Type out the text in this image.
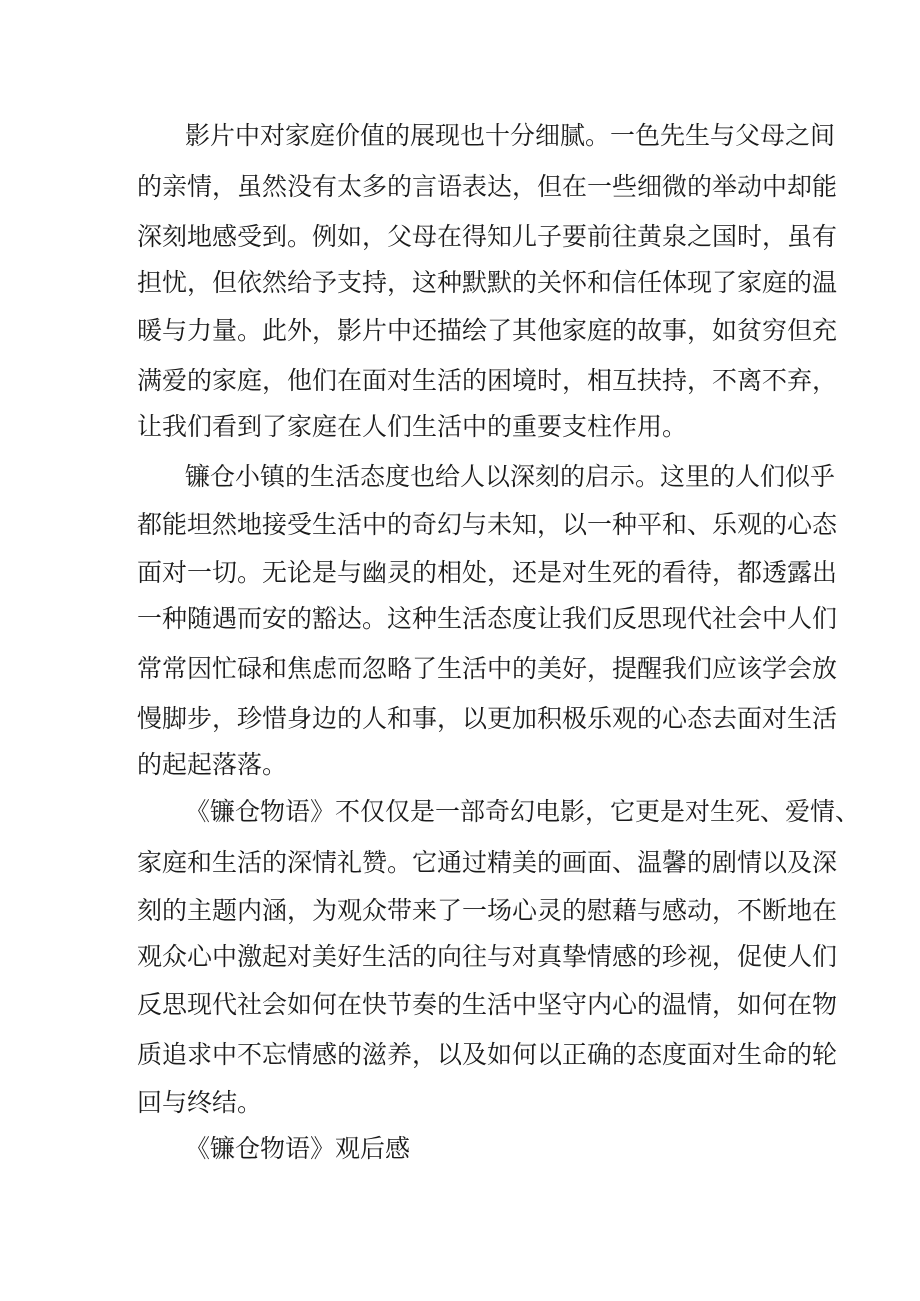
影片中对家庭价值的展现也十分细腻。一色先生与父母之间

的亲情，虽然没有太多的言语表达，但在一些细微的举动中却能

深刻地感受到。例如，父母在得知儿子要前往黄泉之国时，虽有

担忧，但依然给予支持，这种默默的关怀和信任体现了家庭的温

暖与力量。此外，影片中还描绘了其他家庭的故事，如贫穷但充

满爱的家庭，他们在面对生活的困境时，相互扶持，不离不弃，

让我们看到了家庭在人们生活中的重要支柱作用。

镰仓小镇的生活态度也给人以深刻的启示。这里的人们似乎

都能坦然地接受生活中的奇幻与未知，以一种平和、乐观的心态

面对一切。无论是与幽灵的相处，还是对生死的看待，都透露出

一种随遇而安的豁达。这种生活态度让我们反思现代社会中人们

常常因忙碌和焦虑而忽略了生活中的美好，提醒我们应该学会放

慢脚步，珍惜身边的人和事，以更加积极乐观的心态去面对生活

的起起落落。

《镰仓物语》不仅仅是一部奇幻电影，它更是对生死、爱情、

家庭和生活的深情礼赞。它通过精美的画面、温馨的剧情以及深

刻的主题内涵，为观众带来了一场心灵的慰藉与感动，不断地在

观众心中激起对美好生活的向往与对真挚情感的珍视，促使人们

反思现代社会如何在快节奏的生活中坚守内心的温情，如何在物

质追求中不忘情感的滋养，以及如何以正确的态度面对生命的轮

回与终结。

《镰仓物语》观后感
